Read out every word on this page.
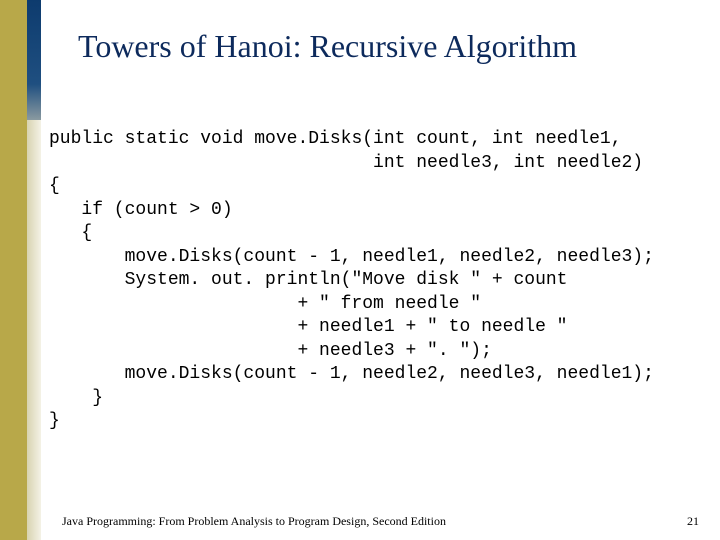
Towers of Hanoi: Recursive Algorithm
public static void move.Disks(int count, int needle1,
int needle3, int needle2)
{
if (count > 0)
{
move.Disks(count - 1, needle1, needle2, needle3);
System. out. println("Move disk " + count
+ " from needle "
+ needle1 + " to needle "
+ needle3 + ". ");
move.Disks(count - 1, needle2, needle3, needle1);
}
}
Java Programming: From Problem Analysis to Program Design, Second Edition	21
